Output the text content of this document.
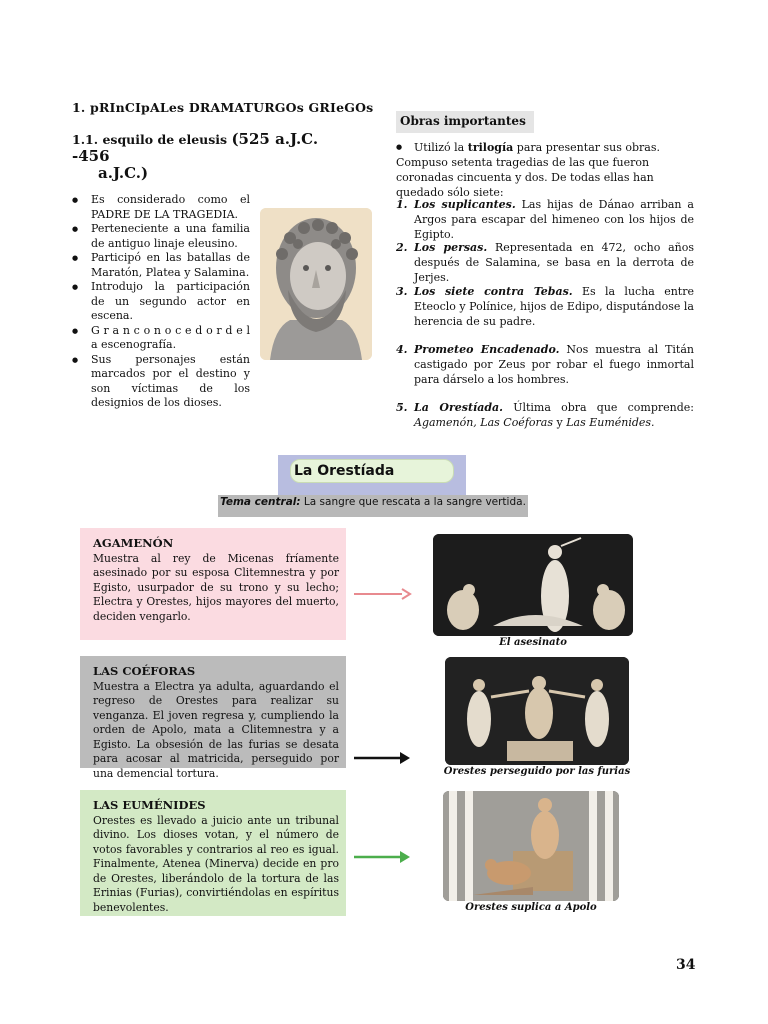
1. pRInCIpALes DRAMATURGOs GRIeGOs
1.1. esquilo de eleusis (525 a.J.C. -456
a.J.C.)
● Es considerado como el PADRE DE LA TRAGEDIA.
● Perteneciente a una familia de antiguo linaje eleusino.
● Participó en las batallas de Maratón, Platea y Salamina.
● Introdujo la participación de un segundo actor en escena.
● G r a n c o n o c e d o r d e l a escenografía.
● Sus personajes están marcados por el destino y son víctimas de los designios de los dioses.
Obras importantes
● Utilizó la trilogía para presentar sus obras.
Compuso setenta tragedias de las que fueron coronadas cincuenta y dos. De todas ellas han quedado sólo siete:
1. Los suplicantes. Las hijas de Dánao arriban a Argos para escapar del himeneo con los hijos de Egipto.
2. Los persas. Representada en 472, ocho años después de Salamina, se basa en la derrota de Jerjes.
3. Los siete contra Tebas. Es la lucha entre Eteoclo y Polínice, hijos de Edipo, disputándose la herencia de su padre.
4. Prometeo Encadenado. Nos muestra al Titán castigado por Zeus por robar el fuego inmortal para dárselo a los hombres.
5. La Orestíada. Última obra que comprende: Agamenón, Las Coéforas y Las Euménides.
La Orestíada
Tema central: La sangre que rescata a la sangre vertida.
AGAMENÓN
Muestra al rey de Micenas fríamente asesinado por su esposa Clitemnestra y por Egisto, usurpador de su trono y su lecho; Electra y Orestes, hijos mayores del muerto, deciden vengarlo.
LAS COÉFORAS
Muestra a Electra ya adulta, aguardando el regreso de Orestes para realizar su venganza. El joven regresa y, cumpliendo la orden de Apolo, mata a Clitemnestra y a Egisto. La obsesión de las furias se desata para acosar al matricida, perseguido por una demencial tortura.
LAS EUMÉNIDES
Orestes es llevado a juicio ante un tribunal divino. Los dioses votan, y el número de votos favorables y contrarios al reo es igual. Finalmente, Atenea (Minerva) decide en pro de Orestes, liberándolo de la tortura de las Erinias (Furias), convirtiéndolas en espíritus benevolentes.
El asesinato
Orestes perseguido por las furias
Orestes suplica a Apolo
34
